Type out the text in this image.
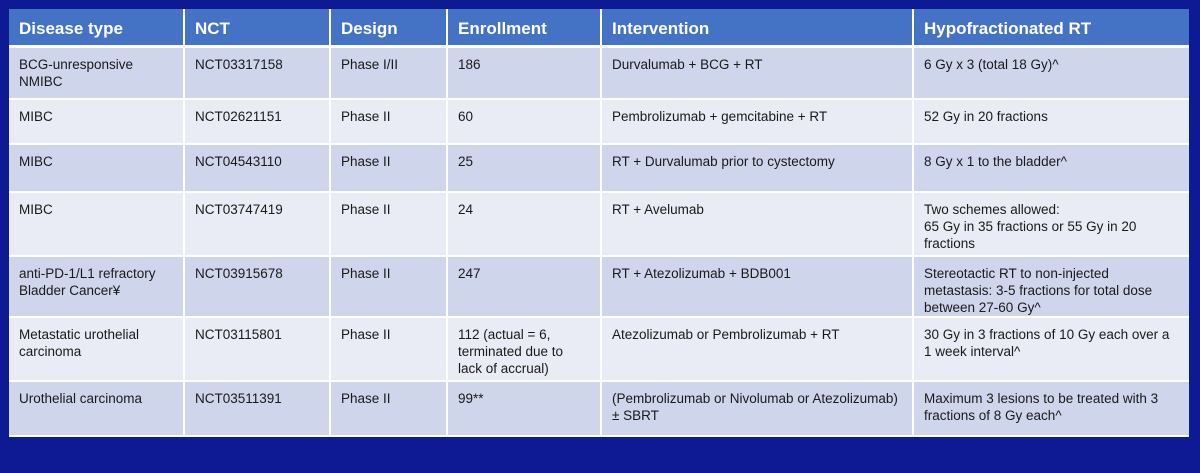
Disease type	NCT	Design	Enrollment	Intervention	Hypofractionated RT
BCG-unresponsive NMIBC	NCT03317158	Phase I/II	186	Durvalumab + BCG + RT	6 Gy x 3 (total 18 Gy)^
MIBC	NCT02621151	Phase II	60	Pembrolizumab + gemcitabine + RT	52 Gy in 20 fractions
MIBC	NCT04543110	Phase II	25	RT + Durvalumab prior to cystectomy	8 Gy x 1 to the bladder^
MIBC	NCT03747419	Phase II	24	RT + Avelumab	Two schemes allowed:
65 Gy in 35 fractions or 55 Gy in 20 fractions
anti-PD-1/L1 refractory Bladder Cancer¥	NCT03915678	Phase II	247	RT + Atezolizumab + BDB001	Stereotactic RT to non-injected metastasis: 3-5 fractions for total dose between 27-60 Gy^
Metastatic urothelial carcinoma	NCT03115801	Phase II	112 (actual = 6, terminated due to lack of accrual)	Atezolizumab or Pembrolizumab + RT	30 Gy in 3 fractions of 10 Gy each over a 1 week interval^
Urothelial carcinoma	NCT03511391	Phase II	99**	(Pembrolizumab or Nivolumab or Atezolizumab) ± SBRT	Maximum 3 lesions to be treated with 3 fractions of 8 Gy each^
